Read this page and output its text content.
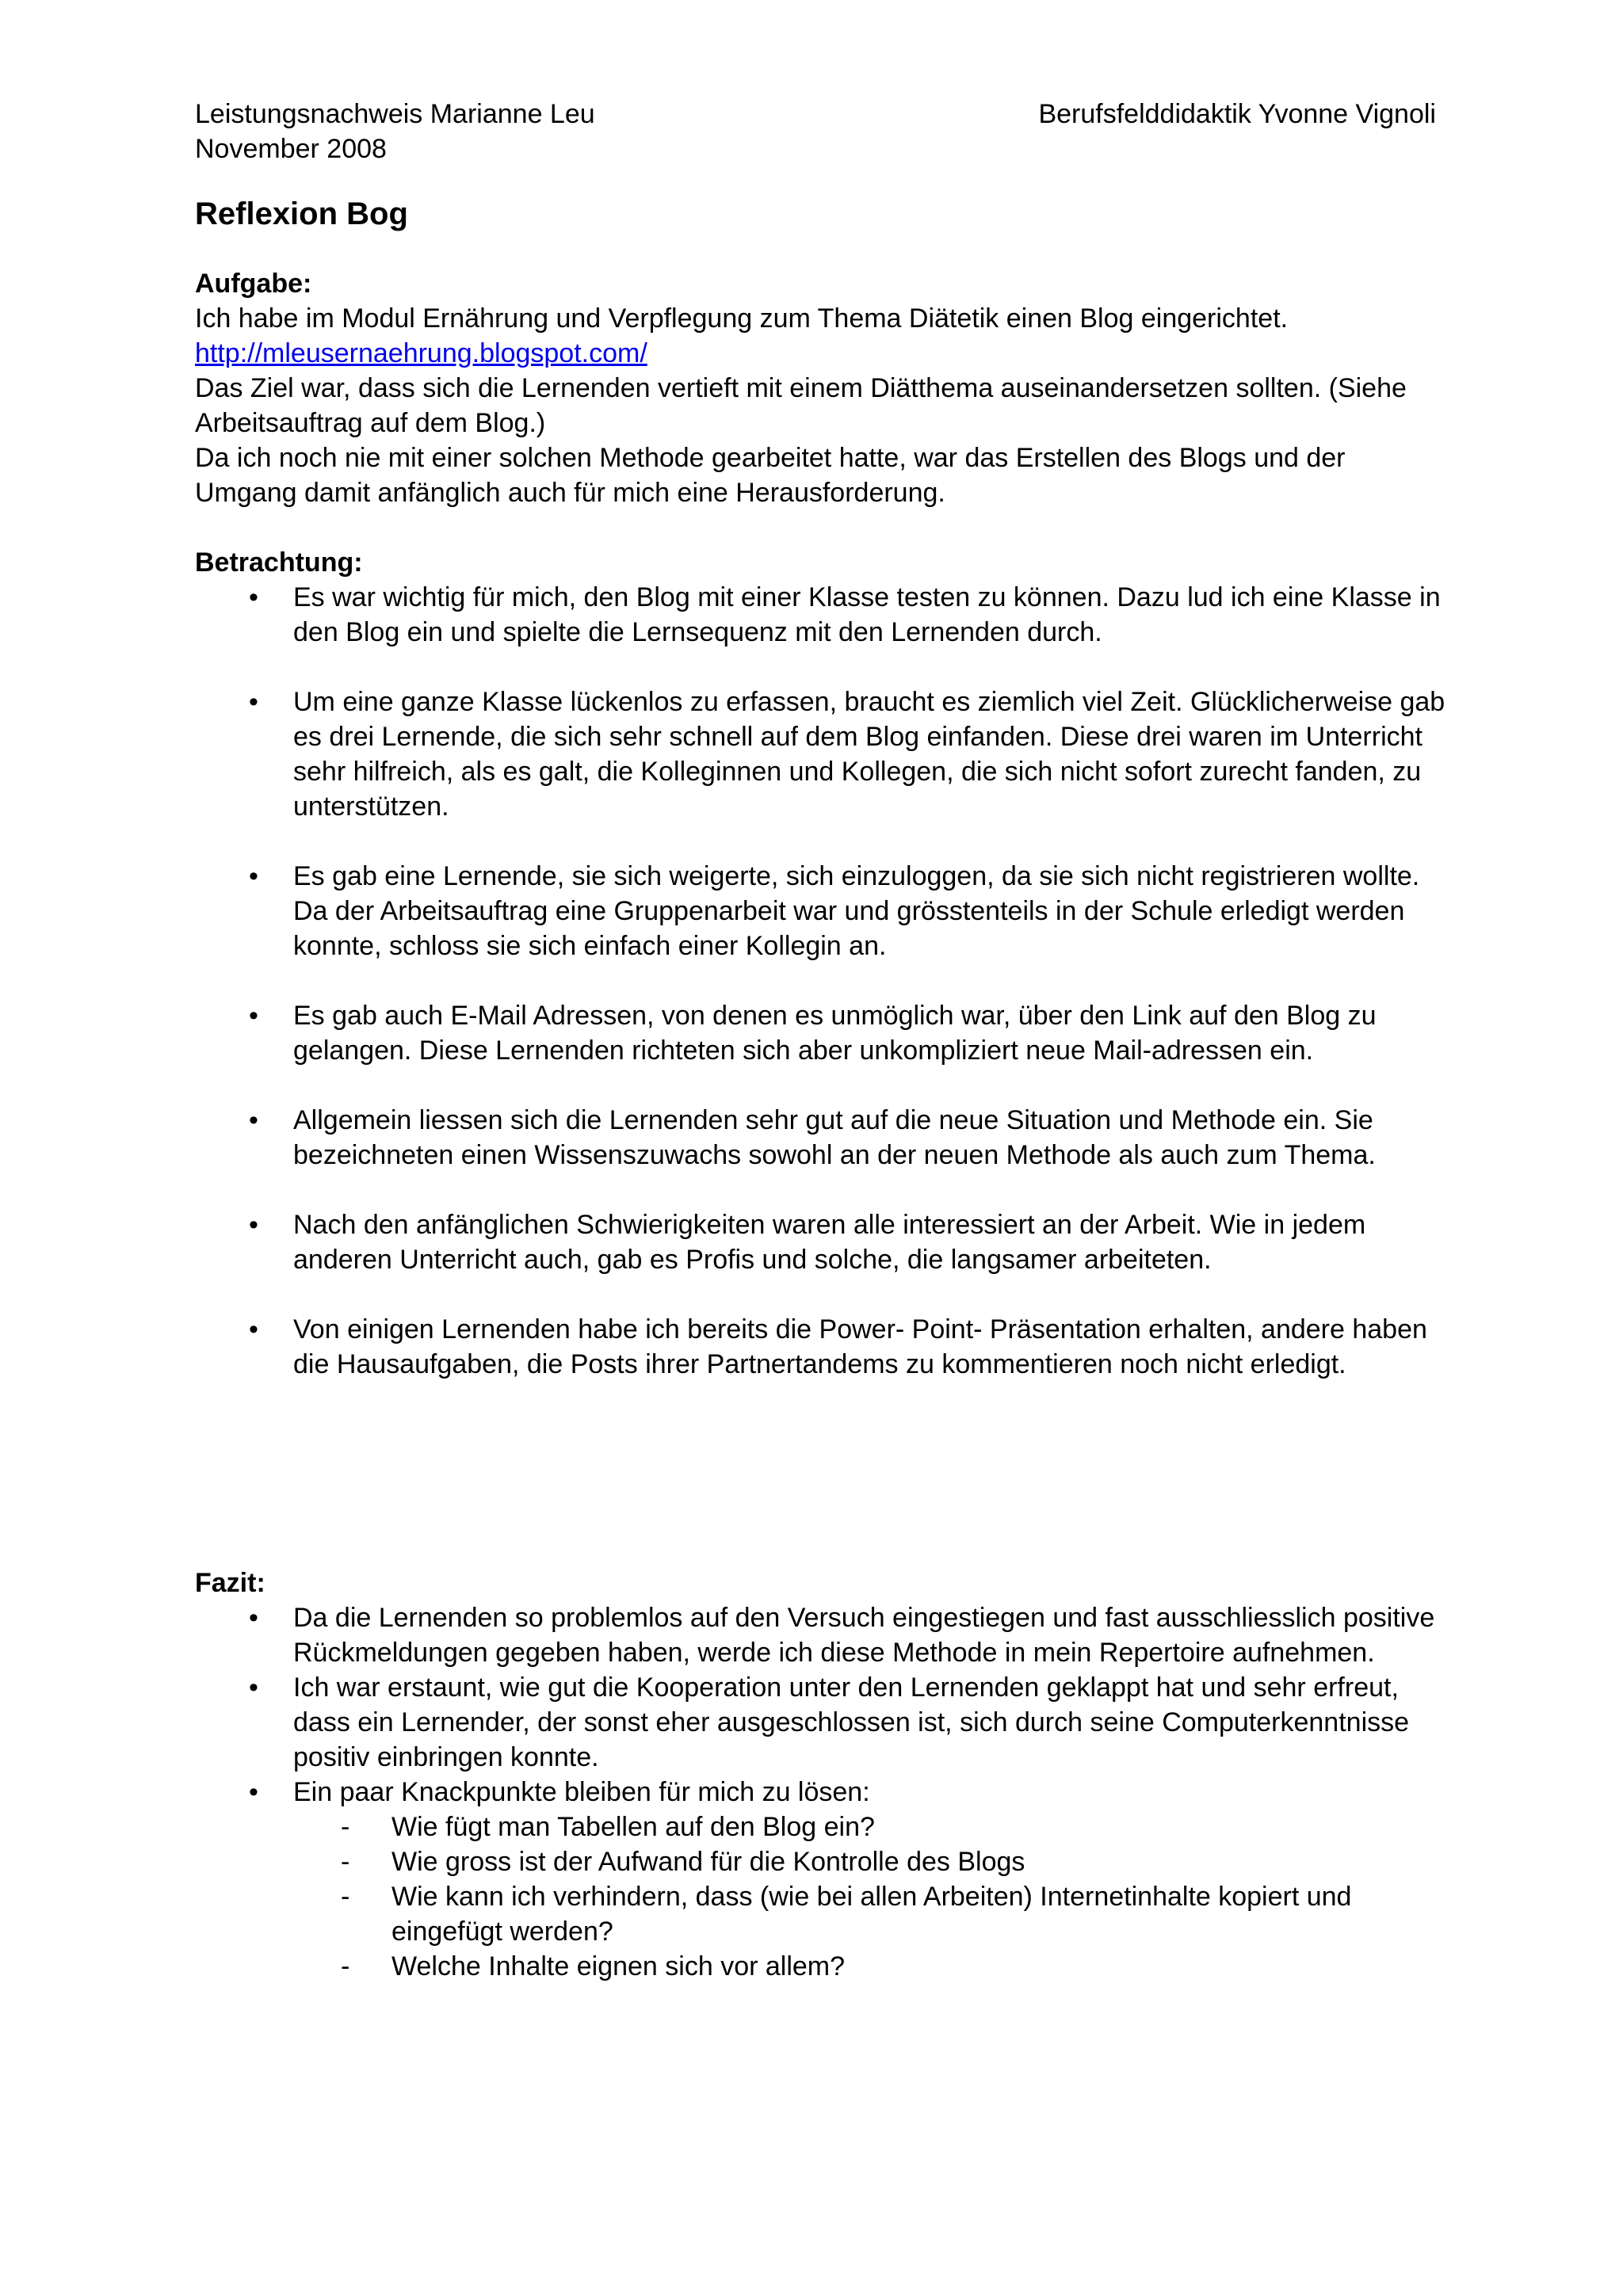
Leistungsnachweis Marianne Leu	Berufsfelddidaktik Yvonne Vignoli
November 2008
Reflexion Bog

Aufgabe:

Ich habe im Modul Ernährung und Verpflegung zum Thema Diätetik einen Blog eingerichtet.

http://mleusernaehrung.blogspot.com/

Das Ziel war, dass sich die Lernenden vertieft mit einem Diätthema auseinandersetzen sollten. (Siehe Arbeitsauftrag auf dem Blog.)

Da ich noch nie mit einer solchen Methode gearbeitet hatte, war das Erstellen des Blogs und der Umgang damit anfänglich auch für mich eine Herausforderung.

Betrachtung:

• Es war wichtig für mich, den Blog mit einer Klasse testen zu können. Dazu lud ich eine Klasse in den Blog ein und spielte die Lernsequenz mit den Lernenden durch.
• Um eine ganze Klasse lückenlos zu erfassen, braucht es ziemlich viel Zeit. Glücklicherweise gab es drei Lernende, die sich sehr schnell auf dem Blog einfanden. Diese drei waren im Unterricht sehr hilfreich, als es galt, die Kolleginnen und Kollegen, die sich nicht sofort zurecht fanden, zu unterstützen.
• Es gab eine Lernende, sie sich weigerte, sich einzuloggen, da sie sich nicht registrieren wollte. Da der Arbeitsauftrag eine Gruppenarbeit war und grösstenteils in der Schule erledigt werden konnte, schloss sie sich einfach einer Kollegin an.
• Es gab auch E-Mail Adressen, von denen es unmöglich war, über den Link auf den Blog zu gelangen. Diese Lernenden richteten sich aber unkompliziert neue Mail-adressen ein.
• Allgemein liessen sich die Lernenden sehr gut auf die neue Situation und Methode ein. Sie bezeichneten einen Wissenszuwachs sowohl an der neuen Methode als auch zum Thema.
• Nach den anfänglichen Schwierigkeiten waren alle interessiert an der Arbeit. Wie in jedem anderen Unterricht auch, gab es Profis und solche, die langsamer arbeiteten.
• Von einigen Lernenden habe ich bereits die Power- Point- Präsentation erhalten, andere haben die Hausaufgaben, die Posts ihrer Partnertandems zu kommentieren noch nicht erledigt.

Fazit:

• Da die Lernenden so problemlos auf den Versuch eingestiegen und fast ausschliesslich positive Rückmeldungen gegeben haben, werde ich diese Methode in mein Repertoire aufnehmen.
• Ich war erstaunt, wie gut die Kooperation unter den Lernenden geklappt hat und sehr erfreut, dass ein Lernender, der sonst eher ausgeschlossen ist, sich durch seine Computerkenntnisse positiv einbringen konnte.
• Ein paar Knackpunkte bleiben für mich zu lösen:
- Wie fügt man Tabellen auf den Blog ein?
- Wie gross ist der Aufwand für die Kontrolle des Blogs
- Wie kann ich verhindern, dass (wie bei allen Arbeiten) Internetinhalte kopiert und eingefügt werden?
- Welche Inhalte eignen sich vor allem?
